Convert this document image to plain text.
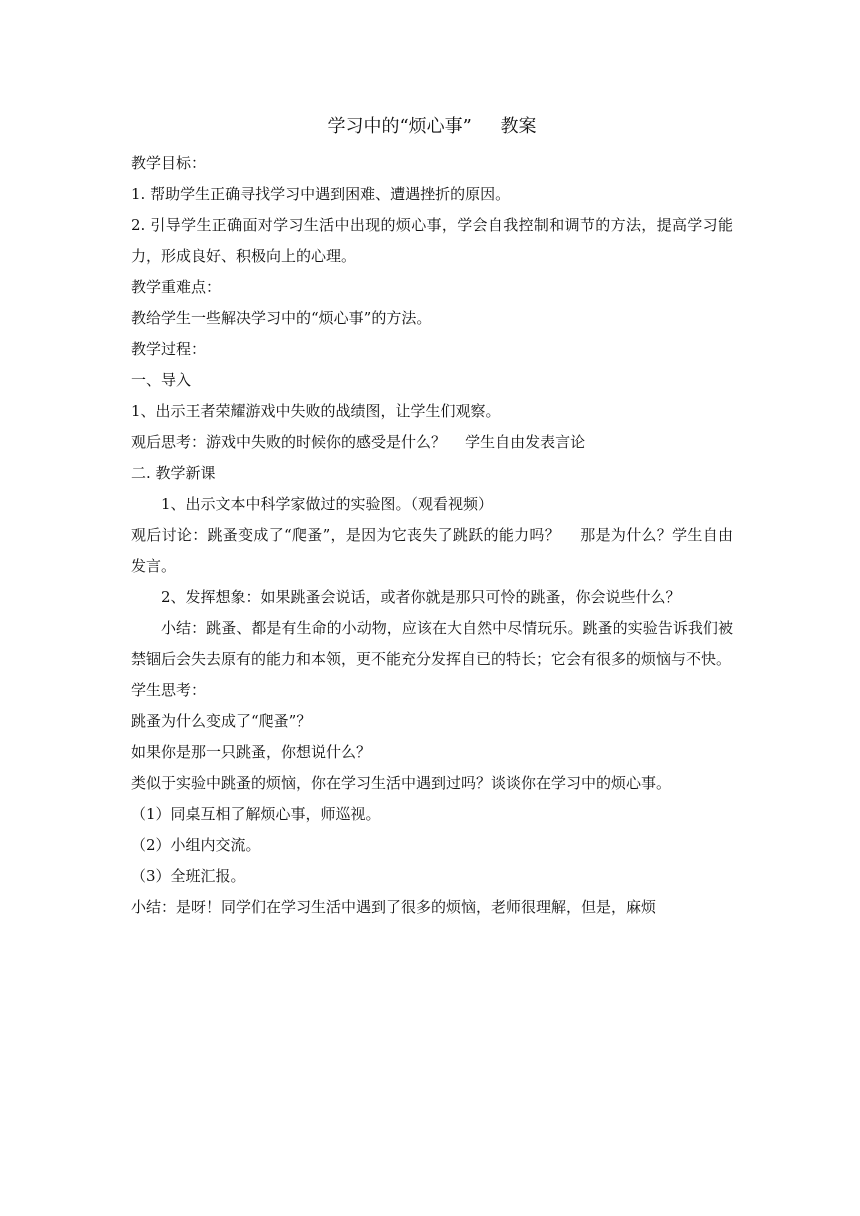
学习中的“烦心事”     教案

教学目标：

1. 帮助学生正确寻找学习中遇到困难、遭遇挫折的原因。

2. 引导学生正确面对学习生活中出现的烦心事，学会自我控制和调节的方法，提高学习能力，形成良好、积极向上的心理。

教学重难点：

教给学生一些解决学习中的“烦心事”的方法。

教学过程：

一、导入

1、出示王者荣耀游戏中失败的战绩图，让学生们观察。

观后思考：游戏中失败的时候你的感受是什么？    学生自由发表言论

二. 教学新课

1、出示文本中科学家做过的实验图。（观看视频）

观后讨论：跳蚤变成了“爬蚤”，是因为它丧失了跳跃的能力吗？    那是为什么？学生自由发言。

2、发挥想象：如果跳蚤会说话，或者你就是那只可怜的跳蚤，你会说些什么？

小结：跳蚤、都是有生命的小动物，应该在大自然中尽情玩乐。跳蚤的实验告诉我们被禁锢后会失去原有的能力和本领，更不能充分发挥自已的特长；它会有很多的烦恼与不快。

学生思考：

跳蚤为什么变成了“爬蚤”？

如果你是那一只跳蚤，你想说什么？

类似于实验中跳蚤的烦恼，你在学习生活中遇到过吗？谈谈你在学习中的烦心事。

（1）同桌互相了解烦心事，师巡视。

（2）小组内交流。

（3）全班汇报。

小结：是呀！同学们在学习生活中遇到了很多的烦恼，老师很理解，但是，麻烦
